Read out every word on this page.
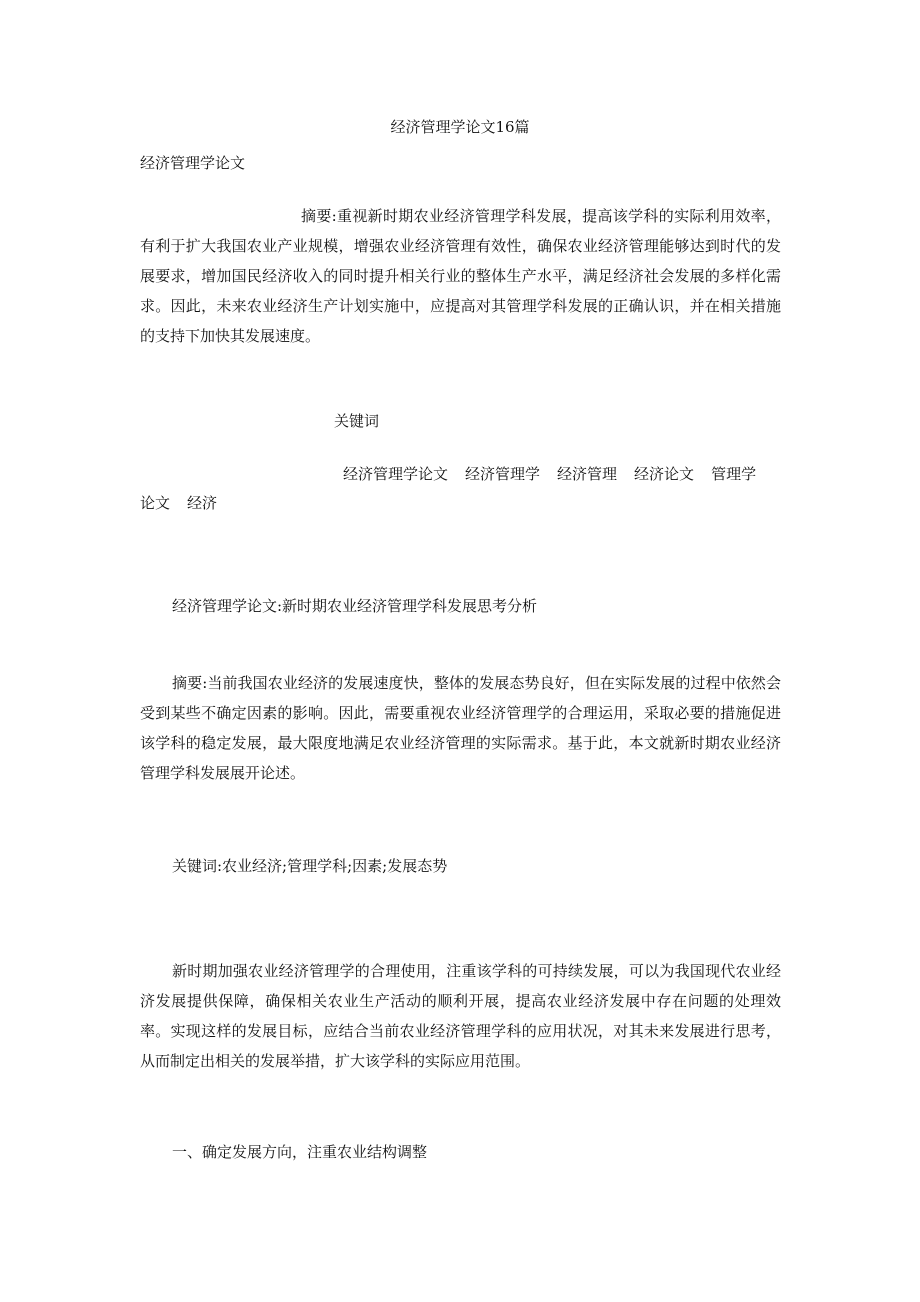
经济管理学论文16篇
经济管理学论文
摘要:重视新时期农业经济管理学科发展，提高该学科的实际利用效率，有利于扩大我国农业产业规模，增强农业经济管理有效性，确保农业经济管理能够达到时代的发展要求，增加国民经济收入的同时提升相关行业的整体生产水平，满足经济社会发展的多样化需求。因此，未来农业经济生产计划实施中，应提高对其管理学科发展的正确认识，并在相关措施的支持下加快其发展速度。
关键词
经济管理学论文 经济管理学 经济管理 经济论文 管理学
论文 经济
经济管理学论文:新时期农业经济管理学科发展思考分析
摘要:当前我国农业经济的发展速度快，整体的发展态势良好，但在实际发展的过程中依然会受到某些不确定因素的影响。因此，需要重视农业经济管理学的合理运用，采取必要的措施促进该学科的稳定发展，最大限度地满足农业经济管理的实际需求。基于此，本文就新时期农业经济管理学科发展展开论述。
关键词:农业经济;管理学科;因素;发展态势
新时期加强农业经济管理学的合理使用，注重该学科的可持续发展，可以为我国现代农业经济发展提供保障，确保相关农业生产活动的顺利开展，提高农业经济发展中存在问题的处理效率。实现这样的发展目标，应结合当前农业经济管理学科的应用状况，对其未来发展进行思考，从而制定出相关的发展举措，扩大该学科的实际应用范围。
一、确定发展方向，注重农业结构调整
